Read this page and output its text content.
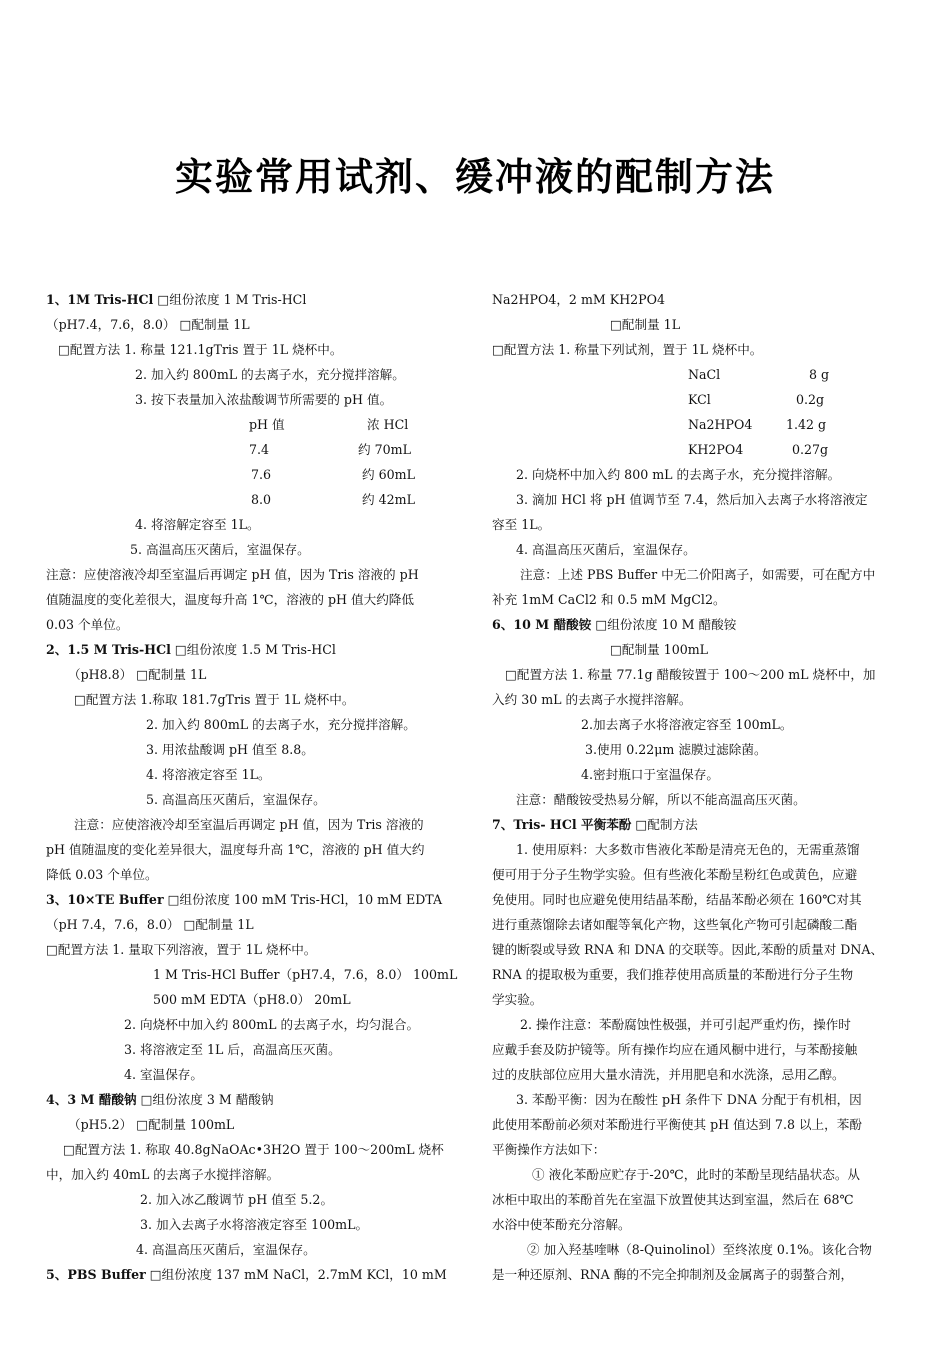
实验常用试剂、缓冲液的配制方法
1、1M Tris-HCl □组份浓度 1 M Tris-HCl
（pH7.4，7.6，8.0） □配制量 1L
□配置方法 1. 称量 121.1gTris 置于 1L 烧杯中。
2. 加入约 800mL 的去离子水，充分搅拌溶解。
3. 按下表量加入浓盐酸调节所需要的 pH 值。
pH 值	浓 HCl
7.4	约 70mL
7.6	约 60mL
8.0	约 42mL
4. 将溶解定容至 1L。
5. 高温高压灭菌后，室温保存。
注意：应使溶液冷却至室温后再调定 pH 值，因为 Tris 溶液的 pH
值随温度的变化差很大，温度每升高 1℃，溶液的 pH 值大约降低
0.03 个单位。
2、1.5 M Tris-HCl □组份浓度 1.5 M Tris-HCl
（pH8.8） □配制量 1L
□配置方法 1.称取 181.7gTris 置于 1L 烧杯中。
2. 加入约 800mL 的去离子水，充分搅拌溶解。
3. 用浓盐酸调 pH 值至 8.8。
4. 将溶液定容至 1L。
5. 高温高压灭菌后，室温保存。
注意：应使溶液冷却至室温后再调定 pH 值，因为 Tris 溶液的
pH 值随温度的变化差异很大，温度每升高 1℃，溶液的 pH 值大约
降低 0.03 个单位。
3、10×TE Buffer □组份浓度 100 mM Tris-HCl，10 mM EDTA
（pH 7.4，7.6，8.0） □配制量 1L
□配置方法 1. 量取下列溶液，置于 1L 烧杯中。
1 M Tris-HCl Buffer（pH7.4，7.6，8.0） 100mL
500 mM EDTA（pH8.0） 20mL
2. 向烧杯中加入约 800mL 的去离子水，均匀混合。
3. 将溶液定至 1L 后，高温高压灭菌。
4. 室温保存。
4、3 M 醋酸钠 □组份浓度 3 M 醋酸钠
（pH5.2） □配制量 100mL
□配置方法 1. 称取 40.8gNaOAc•3H2O 置于 100～200mL 烧杯
中，加入约 40mL 的去离子水搅拌溶解。
2. 加入冰乙酸调节 pH 值至 5.2。
3. 加入去离子水将溶液定容至 100mL。
4. 高温高压灭菌后，室温保存。
5、PBS Buffer □组份浓度 137 mM NaCl，2.7mM KCl，10 mM
Na2HPO4，2 mM KH2PO4
□配制量 1L
□配置方法 1. 称量下列试剂，置于 1L 烧杯中。
NaCl	8 g
KCl	0.2g
Na2HPO4	1.42 g
KH2PO4	0.27g
2. 向烧杯中加入约 800 mL 的去离子水，充分搅拌溶解。
3. 滴加 HCl 将 pH 值调节至 7.4，然后加入去离子水将溶液定
容至 1L。
4. 高温高压灭菌后，室温保存。
注意：上述 PBS Buffer 中无二价阳离子，如需要，可在配方中
补充 1mM CaCl2 和 0.5 mM MgCl2。
6、10 M 醋酸铵 □组份浓度 10 M 醋酸铵
□配制量 100mL
□配置方法 1. 称量 77.1g 醋酸铵置于 100～200 mL 烧杯中，加
入约 30 mL 的去离子水搅拌溶解。
2.加去离子水将溶液定容至 100mL。
3.使用 0.22μm 滤膜过滤除菌。
4.密封瓶口于室温保存。
注意：醋酸铵受热易分解，所以不能高温高压灭菌。
7、Tris- HCl 平衡苯酚 □配制方法
1. 使用原料：大多数市售液化苯酚是清亮无色的，无需重蒸馏
便可用于分子生物学实验。但有些液化苯酚呈粉红色或黄色，应避
免使用。同时也应避免使用结晶苯酚，结晶苯酚必须在 160℃对其
进行重蒸馏除去诸如醌等氧化产物，这些氧化产物可引起磷酸二酯
键的断裂或导致 RNA 和 DNA 的交联等。因此,苯酚的质量对 DNA、
RNA 的提取极为重要，我们推荐使用高质量的苯酚进行分子生物
学实验。
2. 操作注意：苯酚腐蚀性极强，并可引起严重灼伤，操作时
应戴手套及防护镜等。所有操作均应在通风橱中进行，与苯酚接触
过的皮肤部位应用大量水清洗，并用肥皂和水洗涤，忌用乙醇。
3. 苯酚平衡：因为在酸性 pH 条件下 DNA 分配于有机相，因
此使用苯酚前必须对苯酚进行平衡使其 pH 值达到 7.8 以上，苯酚
平衡操作方法如下：
① 液化苯酚应贮存于-20℃，此时的苯酚呈现结晶状态。从
冰柜中取出的苯酚首先在室温下放置使其达到室温，然后在 68℃
水浴中使苯酚充分溶解。
② 加入羟基喹啉（8-Quinolinol）至终浓度 0.1%。该化合物
是一种还原剂、RNA 酶的不完全抑制剂及金属离子的弱螯合剂，
